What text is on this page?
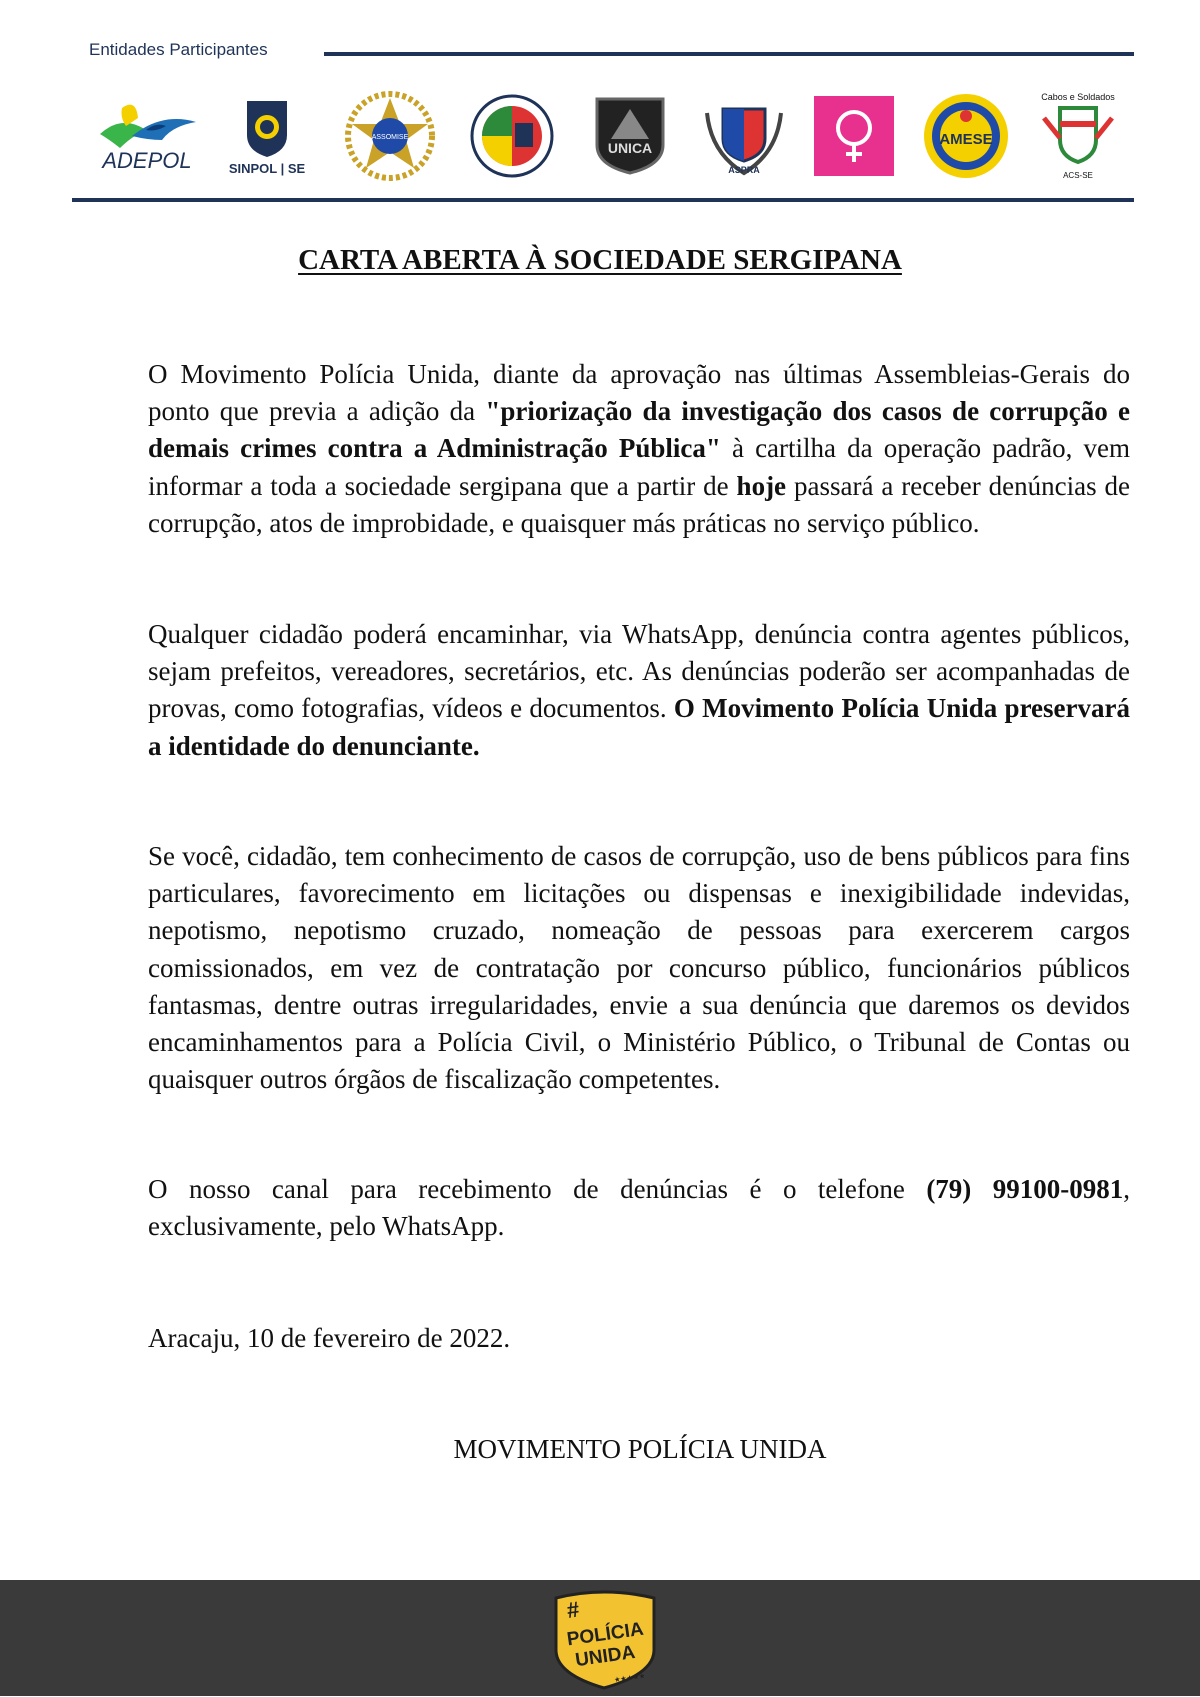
Entidades Participantes
ADEPOL	SINPOL | SE
ASSOMISE
UNICA
ASPRA
AMESE
Cabos e Soldados
ACS-SE
CARTA ABERTA À SOCIEDADE SERGIPANA
O Movimento Polícia Unida, diante da aprovação nas últimas Assembleias-Gerais do ponto que previa a adição da "priorização da investigação dos casos de corrupção e demais crimes contra a Administração Pública" à cartilha da operação padrão, vem informar a toda a sociedade sergipana que a partir de hoje passará a receber denúncias de corrupção, atos de improbidade, e quaisquer más práticas no serviço público.
Qualquer cidadão poderá encaminhar, via WhatsApp, denúncia contra agentes públicos, sejam prefeitos, vereadores, secretários, etc. As denúncias poderão ser acompanhadas de provas, como fotografias, vídeos e documentos. O Movimento Polícia Unida preservará a identidade do denunciante.
Se você, cidadão, tem conhecimento de casos de corrupção, uso de bens públicos para fins particulares, favorecimento em licitações ou dispensas e inexigibilidade indevidas, nepotismo, nepotismo cruzado, nomeação de pessoas para exercerem cargos comissionados, em vez de contratação por concurso público, funcionários públicos fantasmas, dentre outras irregularidades, envie a sua denúncia que daremos os devidos encaminhamentos para a Polícia Civil, o Ministério Público, o Tribunal de Contas ou quaisquer outros órgãos de fiscalização competentes.
O nosso canal para recebimento de denúncias é o telefone (79) 99100-0981, exclusivamente, pelo WhatsApp.
Aracaju, 10 de fevereiro de 2022.
MOVIMENTO POLÍCIA UNIDA
#
POLÍCIA
UNIDA
★★★★★
